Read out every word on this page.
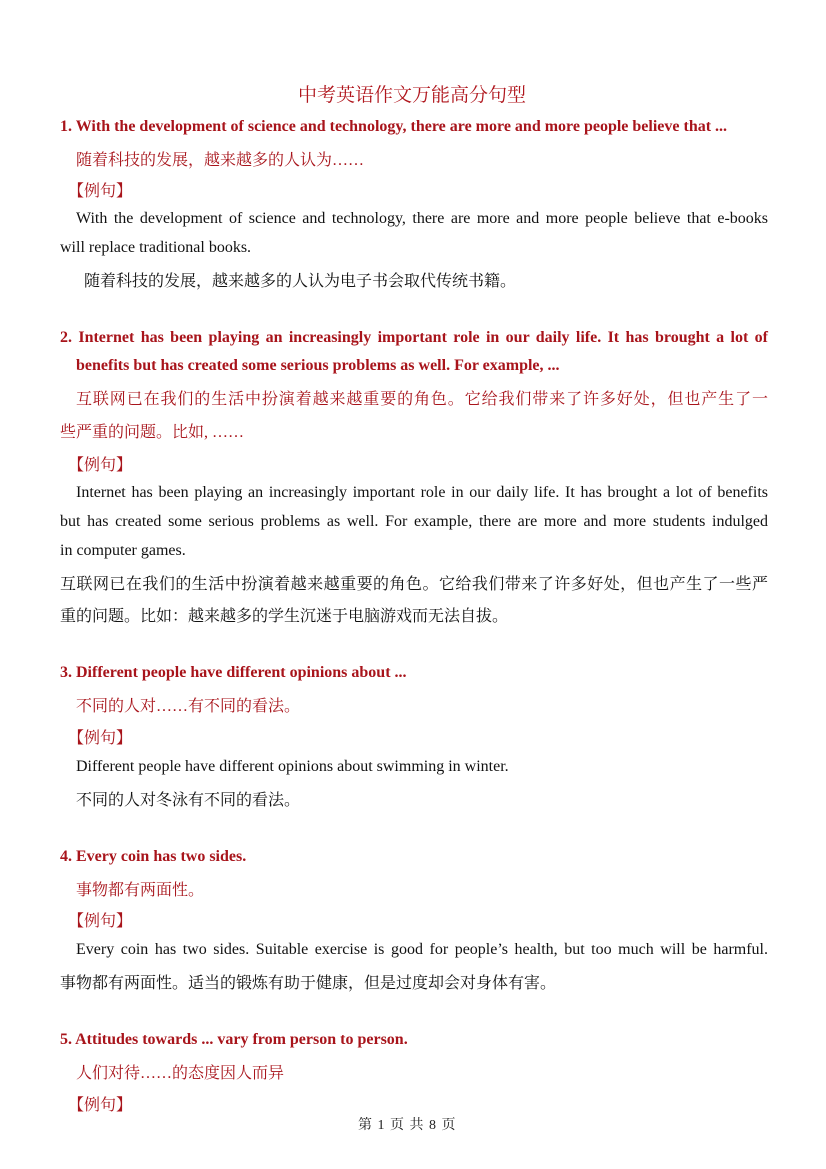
中考英语作文万能高分句型
1. With the development of science and technology, there are more and more people believe that ...
随着科技的发展，越来越多的人认为……
【例句】
With the development of science and technology, there are more and more people believe that e-books
will replace traditional books.
随着科技的发展，越来越多的人认为电子书会取代传统书籍。
2. Internet has been playing an increasingly important role in our daily life. It has brought a lot of
benefits but has created some serious problems as well. For example, ...
互联网已在我们的生活中扮演着越来越重要的角色。它给我们带来了许多好处，但也产生了一
些严重的问题。比如, ……
【例句】
Internet has been playing an increasingly important role in our daily life. It has brought a lot of benefits
but has created some serious problems as well. For example, there are more and more students indulged
in computer games.
互联网已在我们的生活中扮演着越来越重要的角色。它给我们带来了许多好处，但也产生了一些严
重的问题。比如：越来越多的学生沉迷于电脑游戏而无法自拔。
3. Different people have different opinions about ...
不同的人对……有不同的看法。
【例句】
Different people have different opinions about swimming in winter.
不同的人对冬泳有不同的看法。
4. Every coin has two sides.
事物都有两面性。
【例句】
Every coin has two sides. Suitable exercise is good for people’s health, but too much will be harmful.
事物都有两面性。适当的锻炼有助于健康，但是过度却会对身体有害。
5. Attitudes towards ... vary from person to person.
人们对待……的态度因人而异
【例句】
第 1 页 共 8 页
